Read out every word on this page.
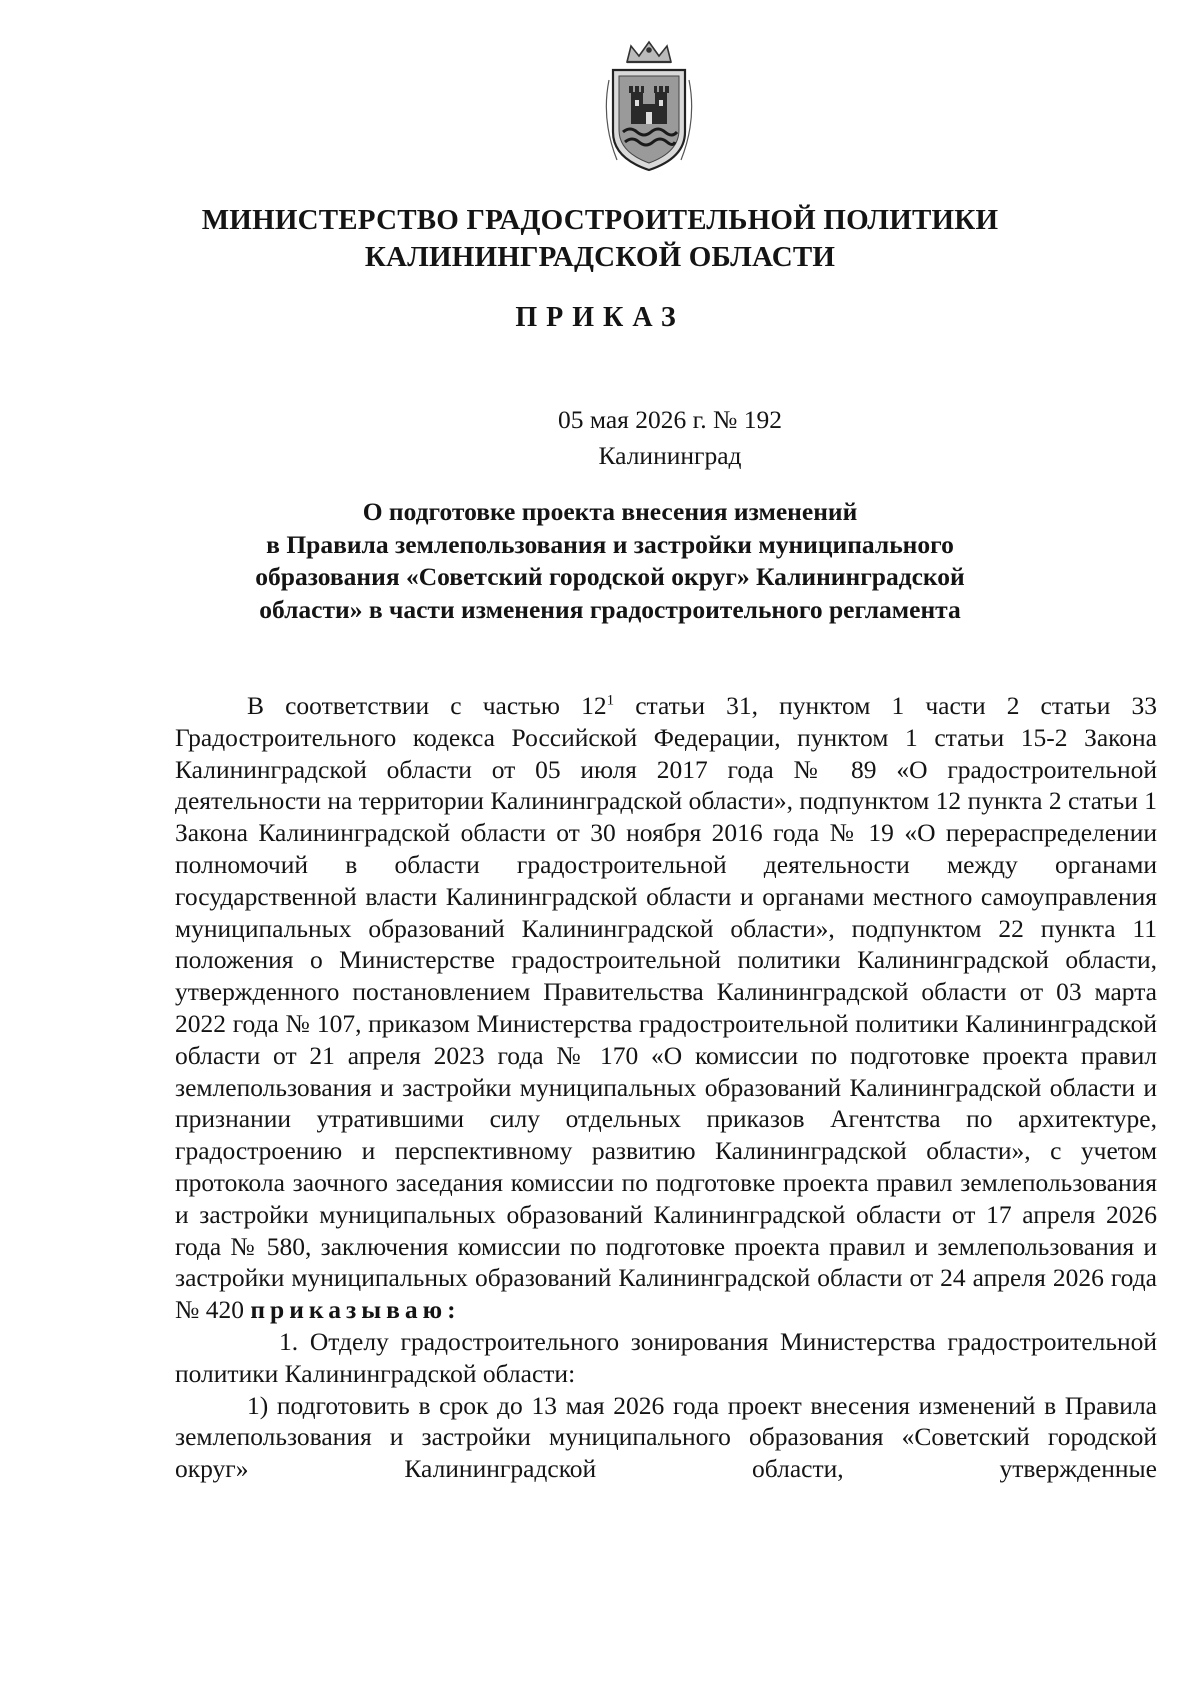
МИНИСТЕРСТВО ГРАДОСТРОИТЕЛЬНОЙ ПОЛИТИКИ
КАЛИНИНГРАДСКОЙ ОБЛАСТИ
ПРИКАЗ
05 мая 2026 г. № 192
Калининград
О подготовке проекта внесения изменений
в Правила землепользования и застройки муниципального
образования «Советский городской округ» Калининградской
области» в части изменения градостроительного регламента

В соответствии с частью $12^1$ статьи 31, пунктом 1 части 2 статьи 33 Градостроительного кодекса Российской Федерации, пунктом 1 статьи 15-2 Закона Калининградской области от 05 июля 2017 года № 89 «О градостроительной деятельности на территории Калининградской области», подпунктом 12 пункта 2 статьи 1 Закона Калининградской области от 30 ноября 2016 года № 19 «О перераспределении полномочий в области градостроительной деятельности между органами государственной власти Калининградской области и органами местного самоуправления муниципальных образований Калининградской области», подпунктом 22 пункта 11 положения о Министерстве градостроительной политики Калининградской области, утвержденного постановлением Правительства Калининградской области от 03 марта 2022 года № 107, приказом Министерства градостроительной политики Калининградской области от 21 апреля 2023 года № 170 «О комиссии по подготовке проекта правил землепользования и застройки муниципальных образований Калининградской области и признании утратившими силу отдельных приказов Агентства по архитектуре, градостроению и перспективному развитию Калининградской области», с учетом протокола заочного заседания комиссии по подготовке проекта правил землепользования и застройки муниципальных образований Калининградской области от 17 апреля 2026 года № 580, заключения комиссии по подготовке проекта правил и землепользования и застройки муниципальных образований Калининградской области от 24 апреля 2026 года № 420 приказываю:

1. Отделу градостроительного зонирования Министерства градостроительной политики Калининградской области:

1) подготовить в срок до 13 мая 2026 года проект внесения изменений в Правила землепользования и застройки муниципального образования «Советский городской округ» Калининградской области, утвержденные
